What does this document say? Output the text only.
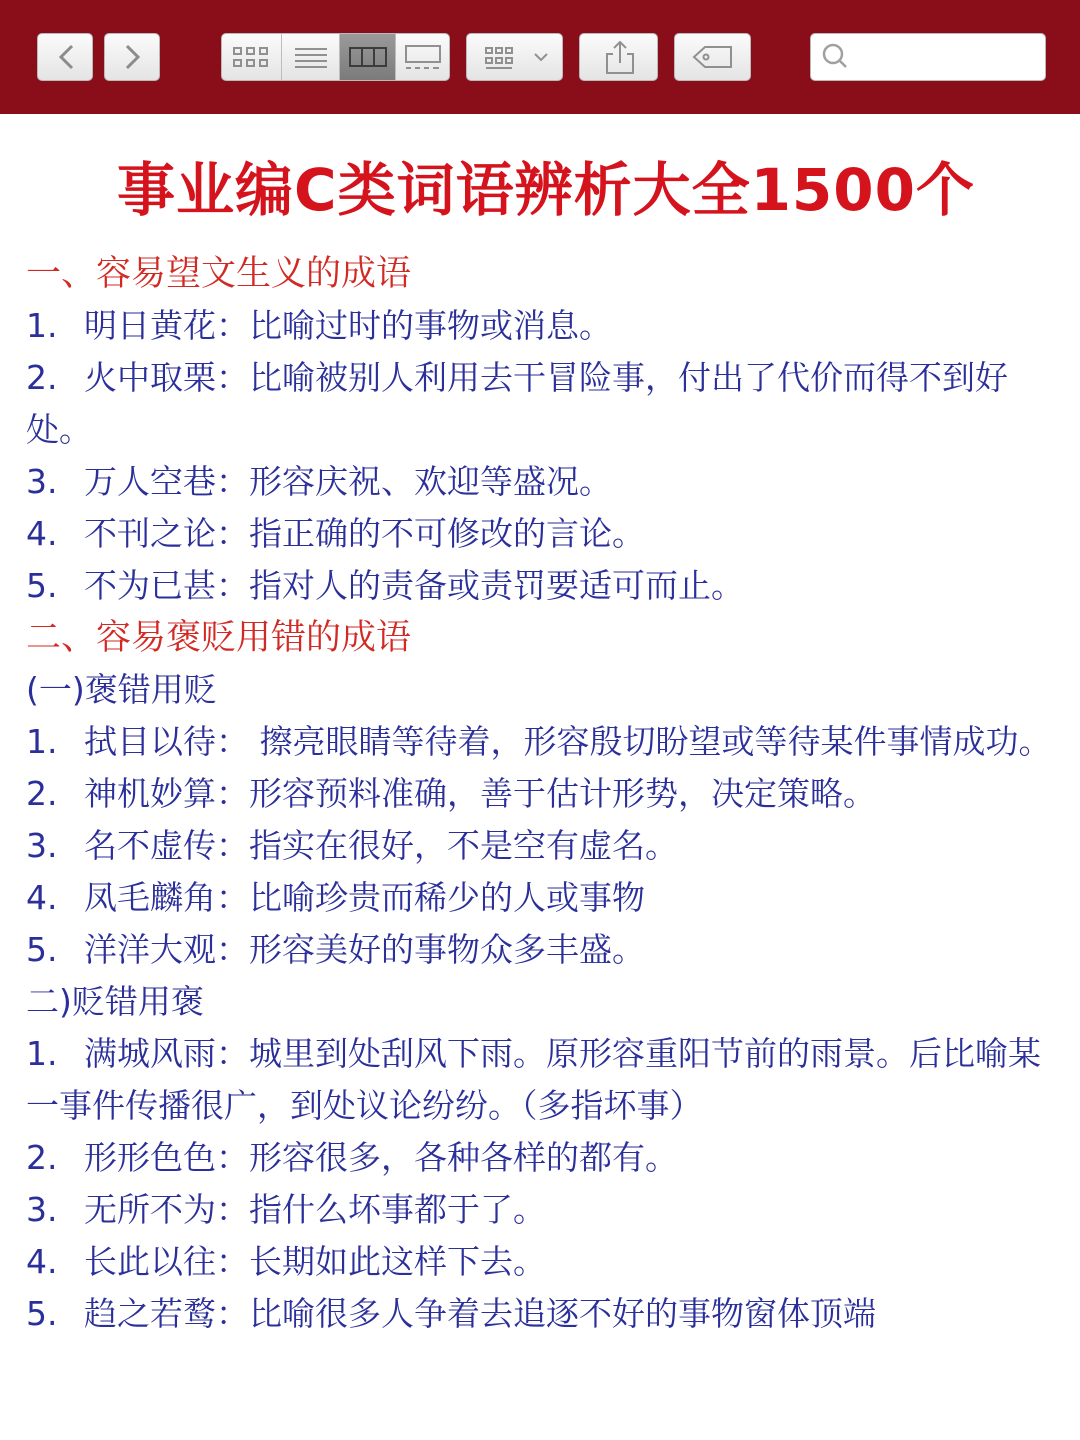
事业编C类词语辨析大全1500个
一、容易望文生义的成语
1. 明日黄花：比喻过时的事物或消息。
2. 火中取栗：比喻被别人利用去干冒险事，付出了代价而得不到好处。
3. 万人空巷：形容庆祝、欢迎等盛况。
4. 不刊之论：指正确的不可修改的言论。
5. 不为已甚：指对人的责备或责罚要适可而止。
二、容易褒贬用错的成语
(一)褒错用贬
1. 拭目以待： 擦亮眼睛等待着，形容殷切盼望或等待某件事情成功。
2. 神机妙算：形容预料准确，善于估计形势，决定策略。
3. 名不虚传：指实在很好，不是空有虚名。
4. 凤毛麟角：比喻珍贵而稀少的人或事物
5. 洋洋大观：形容美好的事物众多丰盛。
二)贬错用褒
1. 满城风雨：城里到处刮风下雨。原形容重阳节前的雨景。后比喻某一事件传播很广，到处议论纷纷。（多指坏事）
2. 形形色色：形容很多，各种各样的都有。
3. 无所不为：指什么坏事都于了。
4. 长此以往：长期如此这样下去。
5. 趋之若鹜：比喻很多人争着去追逐不好的事物窗体顶端
